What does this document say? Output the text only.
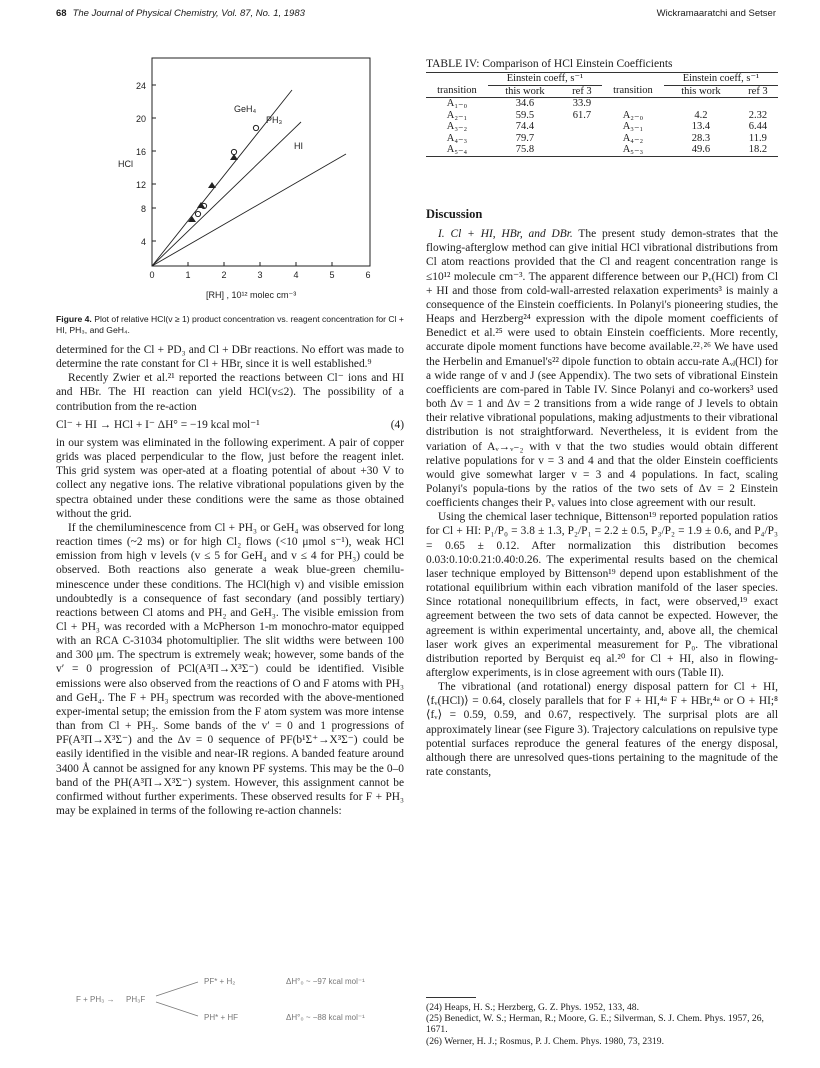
68 The Journal of Physical Chemistry, Vol. 87, No. 1, 1983	Wickramaaratchi and Setser
24
20
16
12
8
4
HCl
0	1	2	3	4	5	6
[RH] , 10¹² molec cm⁻³
GeH₄
PH₃
HI
Figure 4. Plot of relative HCl(v ≥ 1) product concentration vs. reagent concentration for Cl + HI, PH₃, and GeH₄.

determined for the Cl + PD₃ and Cl + DBr reactions. No effort was made to determine the rate constant for Cl + HBr, since it is well established.⁹

Recently Zwier et al.²¹ reported the reactions between Cl⁻ ions and HI and HBr. The HI reaction can yield HCl(v≤2). The possibility of a contribution from the re-action

Cl⁻ + HI → HCl + I⁻ ΔH° = −19 kcal mol⁻¹	(4)

in our system was eliminated in the following experiment. A pair of copper grids was placed perpendicular to the flow, just before the reagent inlet. This grid system was oper-ated at a floating potential of about +30 V to collect any negative ions. The relative vibrational populations given by the spectra obtained under these conditions were the same as those obtained without the grid.

If the chemiluminescence from Cl + PH₃ or GeH₄ was observed for long reaction times (~2 ms) or for high Cl₂ flows (<10 μmol s⁻¹), weak HCl emission from high v levels (v ≤ 5 for GeH₄ and v ≤ 4 for PH₃) could be observed. Both reactions also generate a weak blue-green chemilu-minescence under these conditions. The HCl(high v) and visible emission undoubtedly is a consequence of fast secondary (and possibly tertiary) reactions between Cl atoms and PH₂ and GeH₃. The visible emission from Cl + PH₃ was recorded with a McPherson 1-m monochro-mator equipped with an RCA C-31034 photomultiplier. The slit widths were between 100 and 300 μm. The spectrum is extremely weak; however, some bands of the v′ = 0 progression of PCl(A³Π→X³Σ⁻) could be identified. Visible emissions were also observed from the reactions of O and F atoms with PH₃ and GeH₄. The F + PH₃ spectrum was recorded with the above-mentioned exper-imental setup; the emission from the F atom system was more intense than from Cl + PH₃. Some bands of the v′ = 0 and 1 progressions of PF(A³Π→X³Σ⁻) and the Δv = 0 sequence of PF(b¹Σ⁺→X³Σ⁻) could be easily identified in the visible and near-IR regions. A banded feature around 3400 Å cannot be assigned for any known PF systems. This may be the 0–0 band of the PH(A³Π→X³Σ⁻) system. However, this assignment cannot be confirmed without further experiments. These observed results for F + PH₃ may be explained in terms of the following re-action channels:

F + PH₃ → PH₃F
PF* + H₂	ΔH°₀ ~ −97 kcal mol⁻¹
PH* + HF	ΔH°₀ ~ −88 kcal mol⁻¹
TABLE IV: Comparison of HCl Einstein Coefficients
	Einstein coeff, s⁻¹			Einstein coeff, s⁻¹	
transition	this work	ref 3	transition	this work	ref 3
A₁₋₀	34.6	33.9			
A₂₋₁	59.5	61.7	A₂₋₀	4.2	2.32
A₃₋₂	74.4		A₃₋₁	13.4	6.44
A₄₋₃	79.7		A₄₋₂	28.3	11.9
A₅₋₄	75.8		A₅₋₃	49.6	18.2
Discussion

I. Cl + HI, HBr, and DBr. The present study demon-strates that the flowing-afterglow method can give initial HCl vibrational distributions from Cl atom reactions provided that the Cl and reagent concentration range is ≤10¹² molecule cm⁻³. The apparent difference between our Pᵥ(HCl) from Cl + HI and those from cold-wall-arrested relaxation experiments³ is mainly a consequence of the Einstein coefficients. In Polanyi's pioneering studies, the Heaps and Herzberg²⁴ expression with the dipole moment coefficients of Benedict et al.²⁵ were used to obtain Einstein coefficients. More recently, accurate dipole moment functions have become available.²²˒²⁶ We have used the Herbelin and Emanuel's²² dipole function to obtain accu-rate Aᵥⱼ(HCl) for a wide range of v and J (see Appendix). The two sets of vibrational Einstein coefficients are com-pared in Table IV. Since Polanyi and co-workers³ used both Δv = 1 and Δv = 2 transitions from a wide range of J levels to obtain their relative vibrational populations, making adjustments to their vibrational distribution is not straightforward. Nevertheless, it is evident from the variation of Aᵥ→ᵥ₋₂ with v that the two studies would obtain different relative populations for v = 3 and 4 and that the older Einstein coefficients would give somewhat larger v = 3 and 4 populations. In fact, scaling Polanyi's popula-tions by the ratios of the two sets of Δv = 2 Einstein coefficients changes their Pᵥ values into close agreement with our result.

Using the chemical laser technique, Bittenson¹⁹ reported population ratios for Cl + HI: P₁/P₀ = 3.8 ± 1.3, P₂/P₁ = 2.2 ± 0.5, P₃/P₂ = 1.9 ± 0.6, and P₄/P₃ = 0.65 ± 0.12. After normalization this distribution becomes 0.03:0.10:0.21:0.40:0.26. The experimental results based on the chemical laser technique employed by Bittenson¹⁹ depend upon establishment of the rotational equilibrium within each vibration manifold of the laser species. Since rotational nonequilibrium effects, in fact, were observed,¹⁹ exact agreement between the two sets of data cannot be expected. However, the agreement is within experimental uncertainty, and, above all, the chemical laser work gives an experimental measurement for P₀. The vibrational distribution reported by Berquist eq al.²⁰ for Cl + HI, also in flowing-afterglow experiments, is in close agreement with ours (Table II).

The vibrational (and rotational) energy disposal pattern for Cl + HI, ⟨fᵥ(HCl)⟩ = 0.64, closely parallels that for F + HI,⁴ᵃ F + HBr,⁴ᵃ or O + HI;⁸ ⟨fᵥ⟩ = 0.59, 0.59, and 0.67, respectively. The surprisal plots are all approximately linear (see Figure 3). Trajectory calculations on repulsive type potential surfaces reproduce the general features of the energy disposal, although there are unresolved ques-tions pertaining to the magnitude of the rate constants,

(24) Heaps, H. S.; Herzberg, G. Z. Phys. 1952, 133, 48.

(25) Benedict, W. S.; Herman, R.; Moore, G. E.; Silverman, S. J. Chem. Phys. 1957, 26, 1671.

(26) Werner, H. J.; Rosmus, P. J. Chem. Phys. 1980, 73, 2319.
